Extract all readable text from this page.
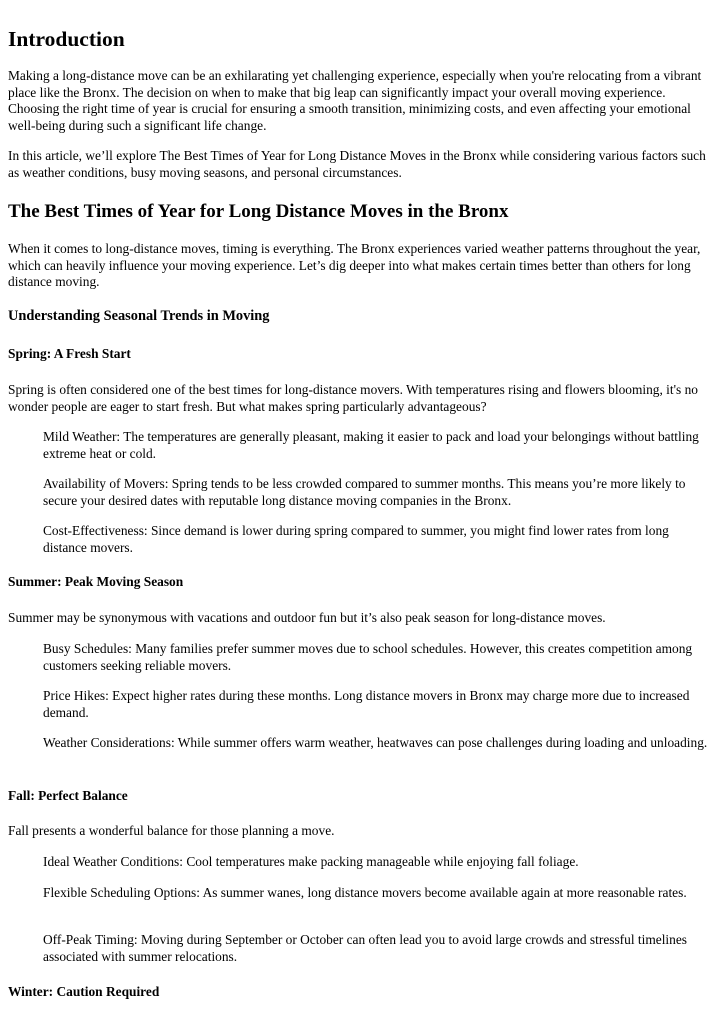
Introduction

Making a long-distance move can be an exhilarating yet challenging experience, especially when you're relocating from a vibrant place like the Bronx. The decision on when to make that big leap can significantly impact your overall moving experience. Choosing the right time of year is crucial for ensuring a smooth transition, minimizing costs, and even affecting your emotional well-being during such a significant life change.

In this article, we’ll explore The Best Times of Year for Long Distance Moves in the Bronx while considering various factors such as weather conditions, busy moving seasons, and personal circumstances.

The Best Times of Year for Long Distance Moves in the Bronx

When it comes to long-distance moves, timing is everything. The Bronx experiences varied weather patterns throughout the year, which can heavily influence your moving experience. Let’s dig deeper into what makes certain times better than others for long distance moving.

Understanding Seasonal Trends in Moving
Spring: A Fresh Start

Spring is often considered one of the best times for long-distance movers. With temperatures rising and flowers blooming, it's no wonder people are eager to start fresh. But what makes spring particularly advantageous?

Mild Weather: The temperatures are generally pleasant, making it easier to pack and load your belongings without battling extreme heat or cold.

Availability of Movers: Spring tends to be less crowded compared to summer months. This means you’re more likely to secure your desired dates with reputable long distance moving companies in the Bronx.

Cost-Effectiveness: Since demand is lower during spring compared to summer, you might find lower rates from long distance movers.

Summer: Peak Moving Season

Summer may be synonymous with vacations and outdoor fun but it’s also peak season for long-distance moves.

Busy Schedules: Many families prefer summer moves due to school schedules. However, this creates competition among customers seeking reliable movers.

Price Hikes: Expect higher rates during these months. Long distance movers in Bronx may charge more due to increased demand.

Weather Considerations: While summer offers warm weather, heatwaves can pose challenges during loading and unloading.

Fall: Perfect Balance

Fall presents a wonderful balance for those planning a move.

Ideal Weather Conditions: Cool temperatures make packing manageable while enjoying fall foliage.

Flexible Scheduling Options: As summer wanes, long distance movers become available again at more reasonable rates.

Off-Peak Timing: Moving during September or October can often lead you to avoid large crowds and stressful timelines associated with summer relocations.

Winter: Caution Required
